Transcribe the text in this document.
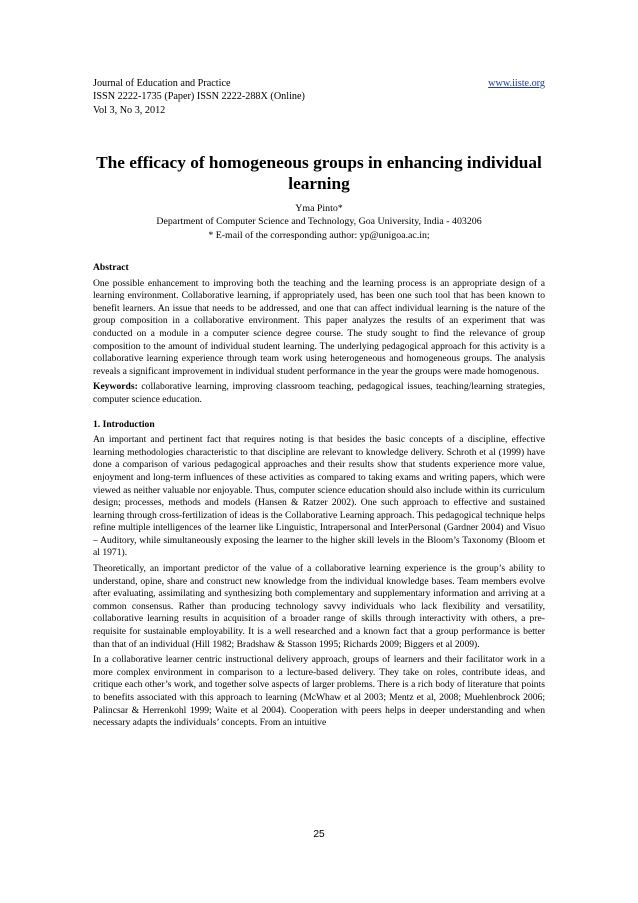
Journal of Education and Practice	www.iiste.org
ISSN 2222-1735 (Paper) ISSN 2222-288X (Online)
Vol 3, No 3, 2012
The efficacy of homogeneous groups in enhancing individual learning
Yma Pinto*
Department of Computer Science and Technology, Goa University, India - 403206
* E-mail of the corresponding author: yp@unigoa.ac.in;
Abstract

One possible enhancement to improving both the teaching and the learning process is an appropriate design of a learning environment. Collaborative learning, if appropriately used, has been one such tool that has been known to benefit learners. An issue that needs to be addressed, and one that can affect individual learning is the nature of the group composition in a collaborative environment. This paper analyzes the results of an experiment that was conducted on a module in a computer science degree course. The study sought to find the relevance of group composition to the amount of individual student learning. The underlying pedagogical approach for this activity is a collaborative learning experience through team work using heterogeneous and homogeneous groups. The analysis reveals a significant improvement in individual student performance in the year the groups were made homogenous.

Keywords: collaborative learning, improving classroom teaching, pedagogical issues, teaching/learning strategies, computer science education.

1. Introduction

An important and pertinent fact that requires noting is that besides the basic concepts of a discipline, effective learning methodologies characteristic to that discipline are relevant to knowledge delivery. Schroth et al (1999) have done a comparison of various pedagogical approaches and their results show that students experience more value, enjoyment and long-term influences of these activities as compared to taking exams and writing papers, which were viewed as neither valuable nor enjoyable. Thus, computer science education should also include within its curriculum design; processes, methods and models (Hansen & Ratzer 2002). One such approach to effective and sustained learning through cross-fertilization of ideas is the Collaborative Learning approach. This pedagogical technique helps refine multiple intelligences of the learner like Linguistic, Intrapersonal and InterPersonal (Gardner 2004) and Visuo – Auditory, while simultaneously exposing the learner to the higher skill levels in the Bloom’s Taxonomy (Bloom et al 1971).

Theoretically, an important predictor of the value of a collaborative learning experience is the group’s ability to understand, opine, share and construct new knowledge from the individual knowledge bases. Team members evolve after evaluating, assimilating and synthesizing both complementary and supplementary information and arriving at a common consensus. Rather than producing technology savvy individuals who lack flexibility and versatility, collaborative learning results in acquisition of a broader range of skills through interactivity with others, a pre-requisite for sustainable employability. It is a well researched and a known fact that a group performance is better than that of an individual (Hill 1982; Bradshaw & Stasson 1995; Richards 2009; Biggers et al 2009).

In a collaborative learner centric instructional delivery approach, groups of learners and their facilitator work in a more complex environment in comparison to a lecture-based delivery. They take on roles, contribute ideas, and critique each other’s work, and together solve aspects of larger problems. There is a rich body of literature that points to benefits associated with this approach to learning (McWhaw et al 2003; Mentz et al, 2008; Muehlenbrock 2006; Palincsar & Herrenkohl 1999; Waite et al 2004). Cooperation with peers helps in deeper understanding and when necessary adapts the individuals’ concepts. From an intuitive

25
